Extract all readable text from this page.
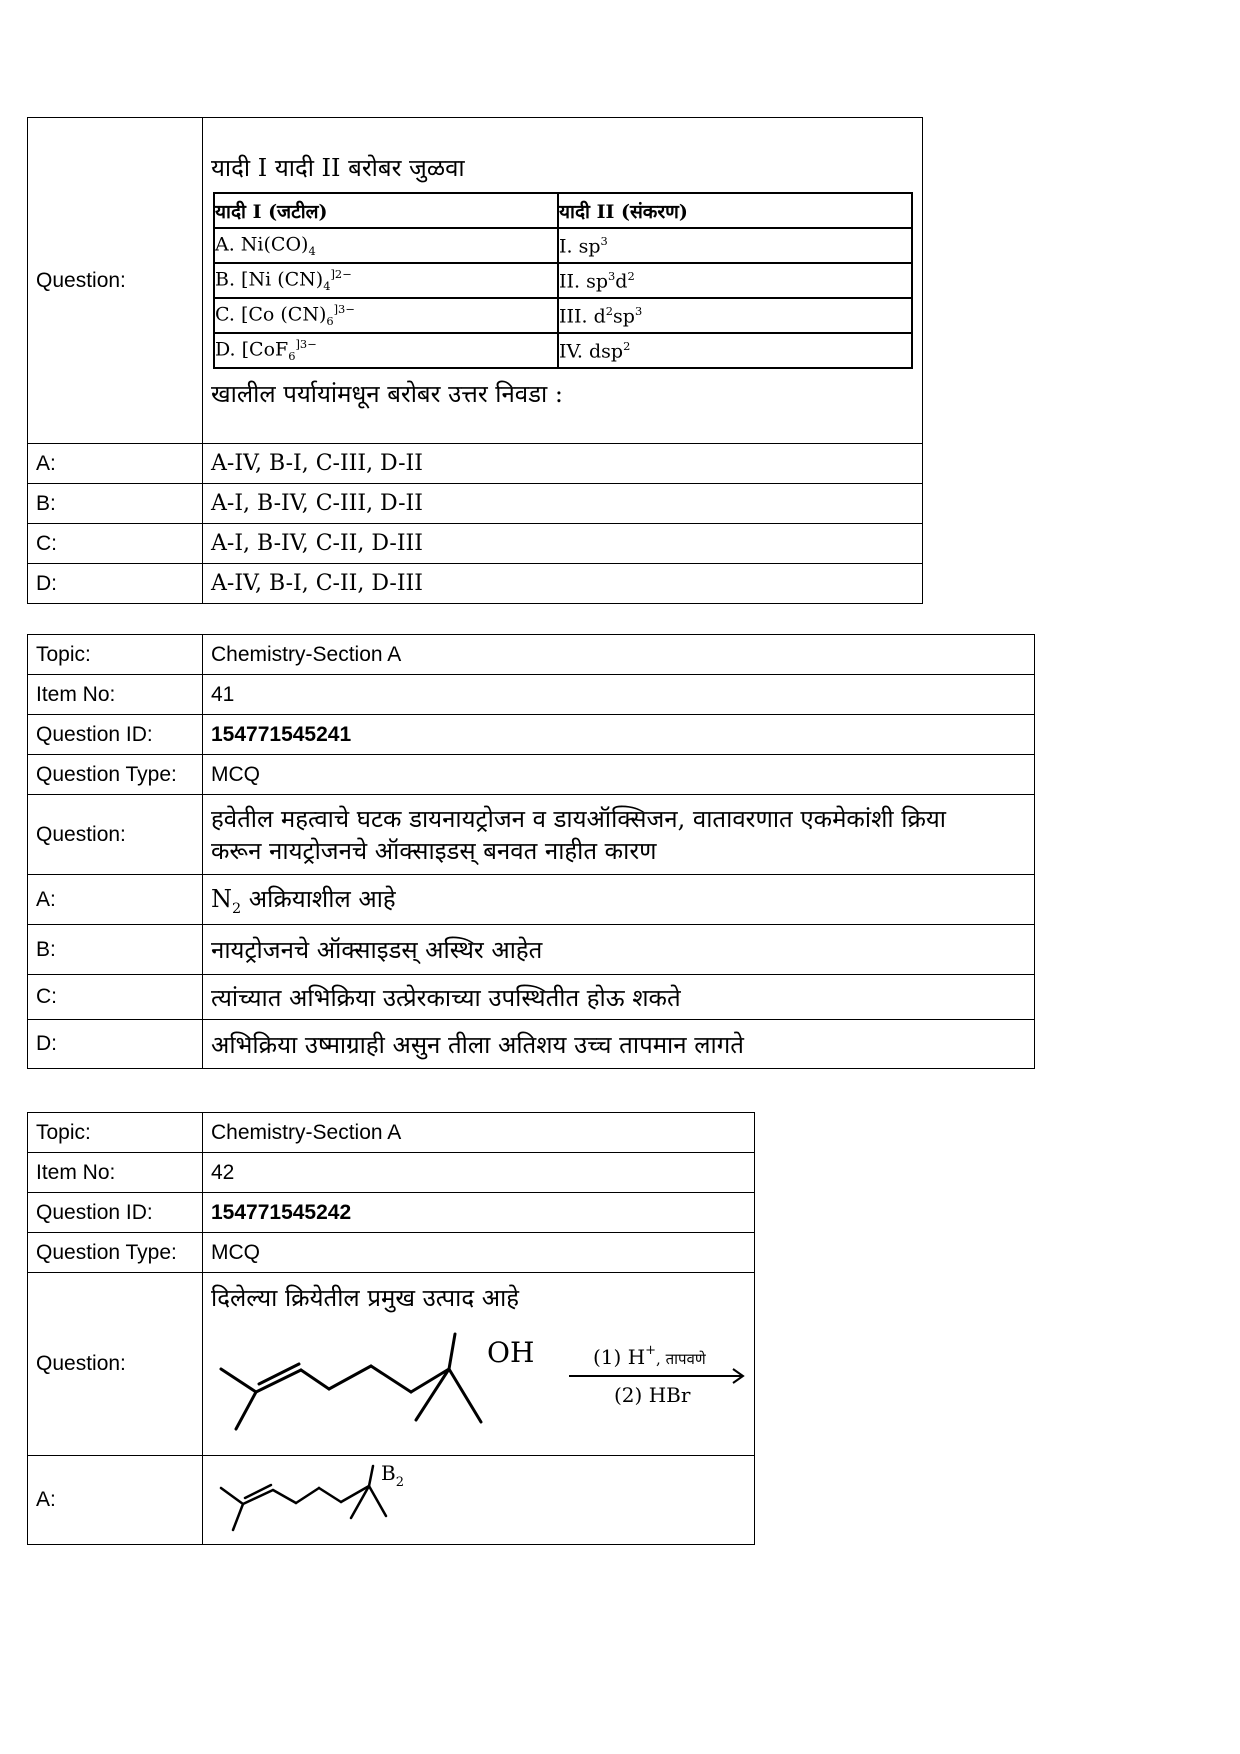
Question:	
यादी I यादी II बरोबर जुळवा
यादी I (जटील)	यादी II (संकरण)
A. $Ni(CO)_4$	I. $sp^3$
B. [Ni $(CN)_4^{]2-}$	II. $sp^3d^2$
C. [Co $(CN)_6^{]3-}$	III. $d^2sp^3$
D. [CoF$_6^{]3-}$	IV. dsp$^2$
खालील पर्यायांमधून बरोबर उत्तर निवडा :

A:	A-IV, B-I, C-III, D-II
B:	A-I, B-IV, C-III, D-II
C:	A-I, B-IV, C-II, D-III
D:	A-IV, B-I, C-II, D-III
Topic:	Chemistry-Section A
Item No:	41
Question ID:	154771545241
Question Type:	MCQ
Question:	हवेतील महत्वाचे घटक डायनायट्रोजन व डायऑक्सिजन, वातावरणात एकमेकांशी क्रिया
करून नायट्रोजनचे ऑक्साइडस् बनवत नाहीत कारण

A:	$N_2$ अक्रियाशील आहे
B:	नायट्रोजनचे ऑक्साइडस् अस्थिर आहेत
C:	त्यांच्यात अभिक्रिया उत्प्रेरकाच्या उपस्थितीत होऊ शकते
D:	अभिक्रिया उष्माग्राही असुन तीला अतिशय उच्च तापमान लागते
Topic:	Chemistry-Section A
Item No:	42
Question ID:	154771545242
Question Type:	MCQ
Question:	दिलेल्या क्रियेतील प्रमुख उत्पाद आहे
OH (1) $H^+_{, तापवणे}$
(2) HBr

A:	$B_2$
